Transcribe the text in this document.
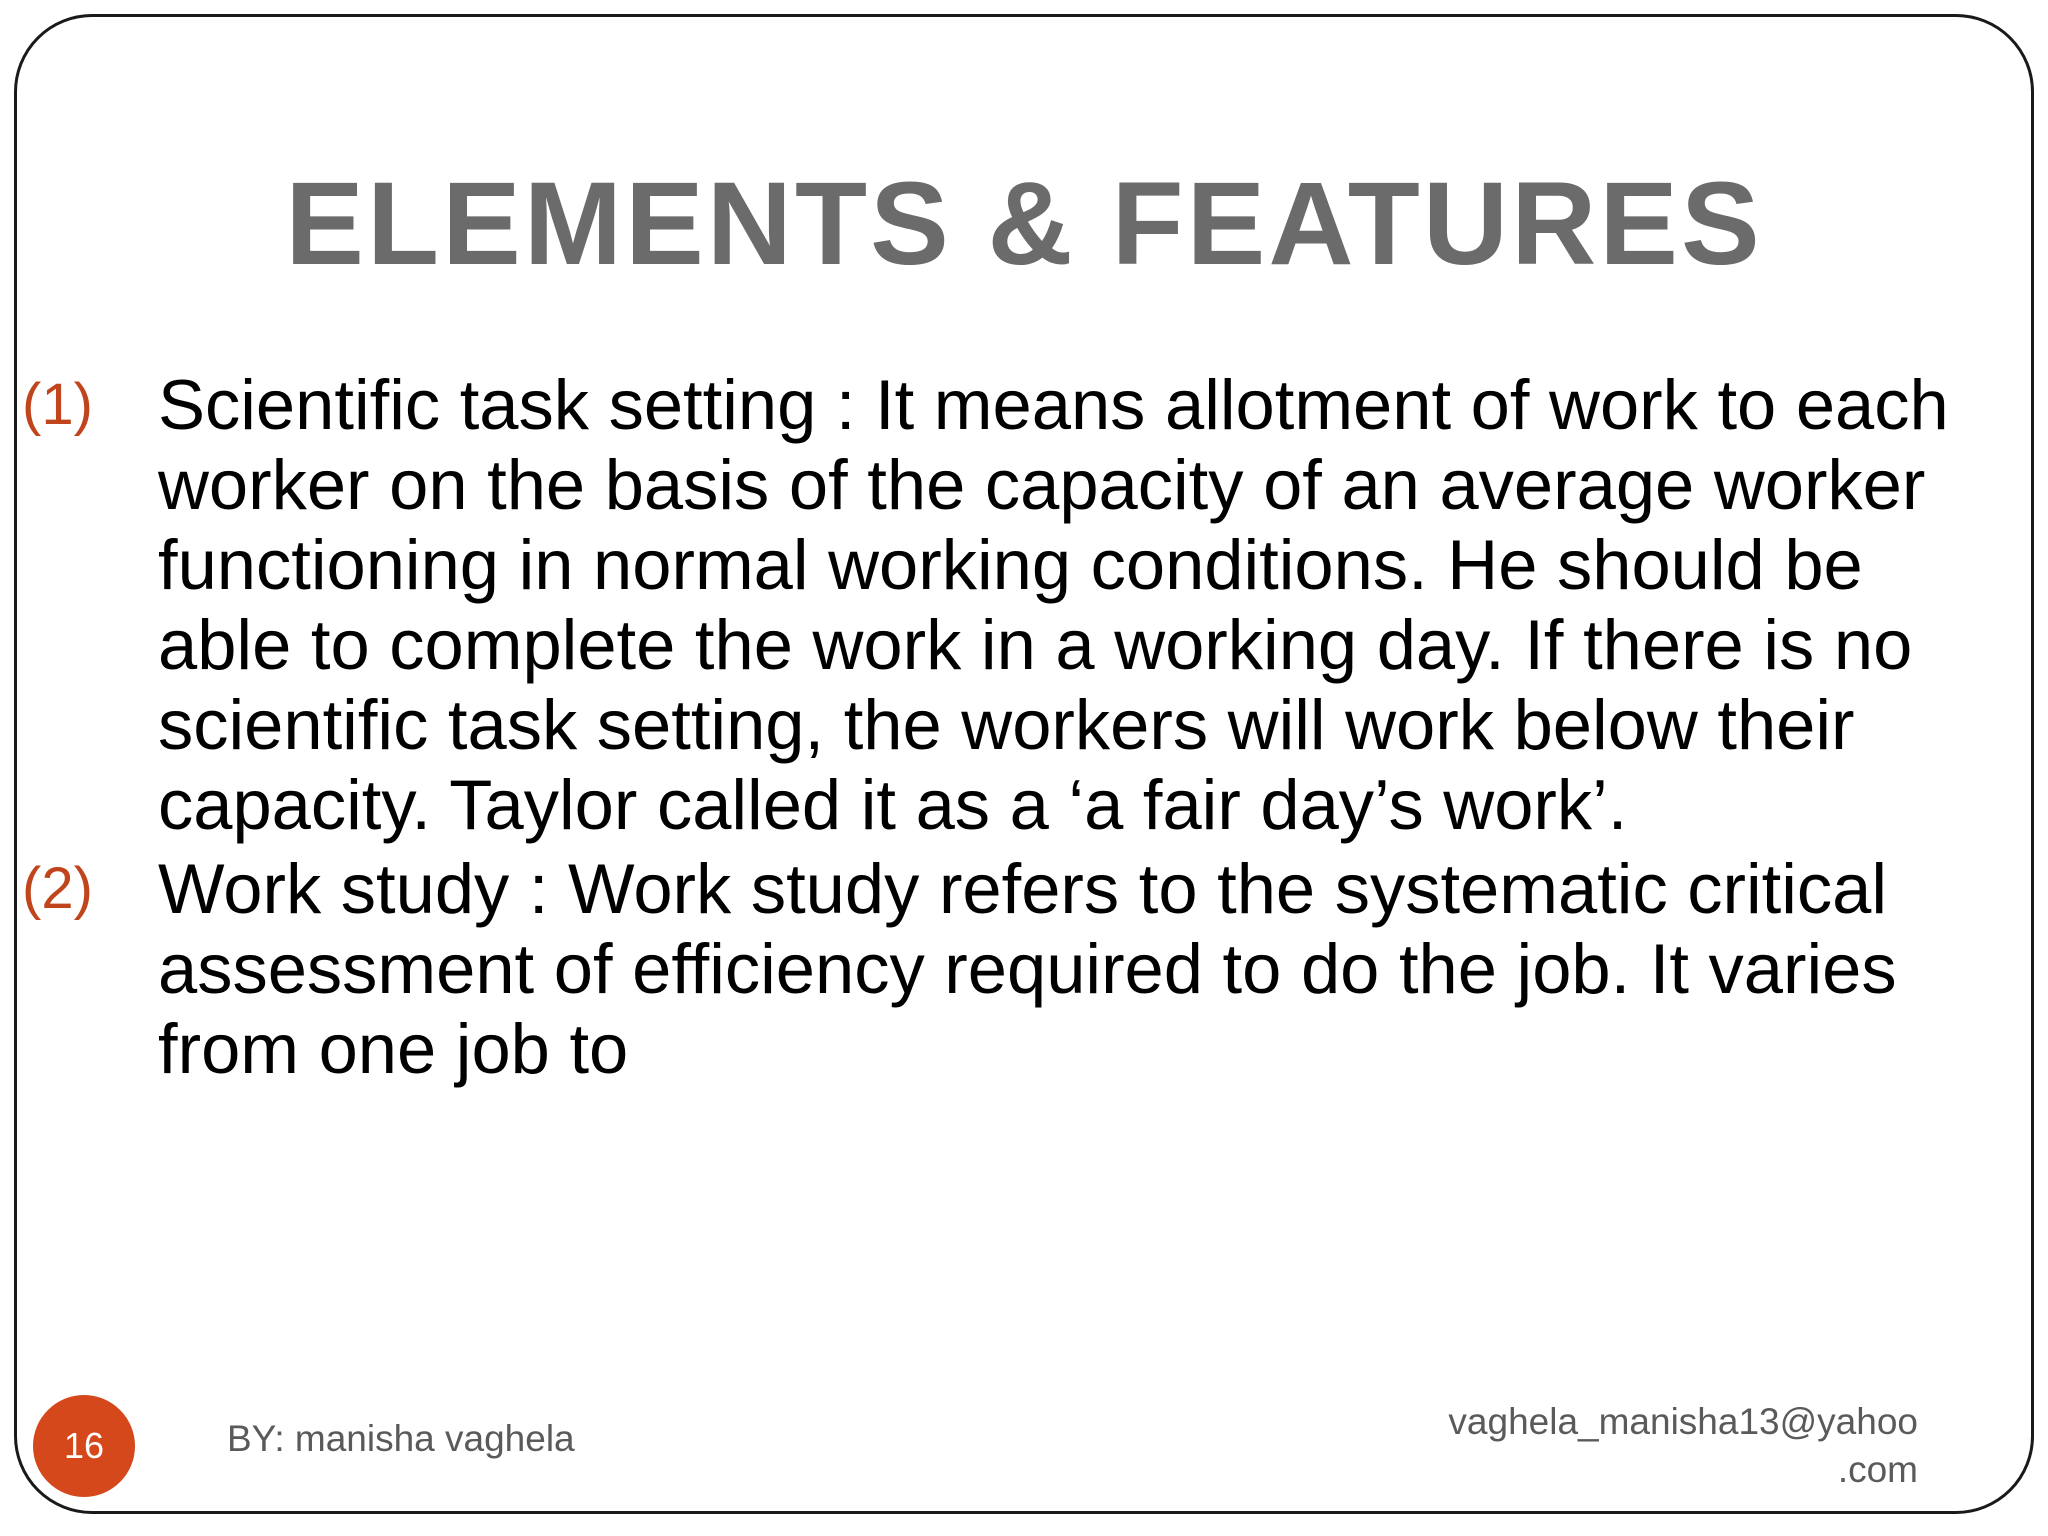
ELEMENTS & FEATURES
(1) Scientific task setting : It means allotment of work to each worker on the basis of the capacity of an average worker functioning in normal working conditions. He should be able to complete the work in a working day. If there is no scientific task setting, the workers will work below their capacity. Taylor called it as a ‘a fair day’s work’.
(2) Work study : Work study refers to the systematic critical assessment of efficiency required to do the job. It varies from one job to
16	BY: manisha vaghela	vaghela_manisha13@yahoo
.com
